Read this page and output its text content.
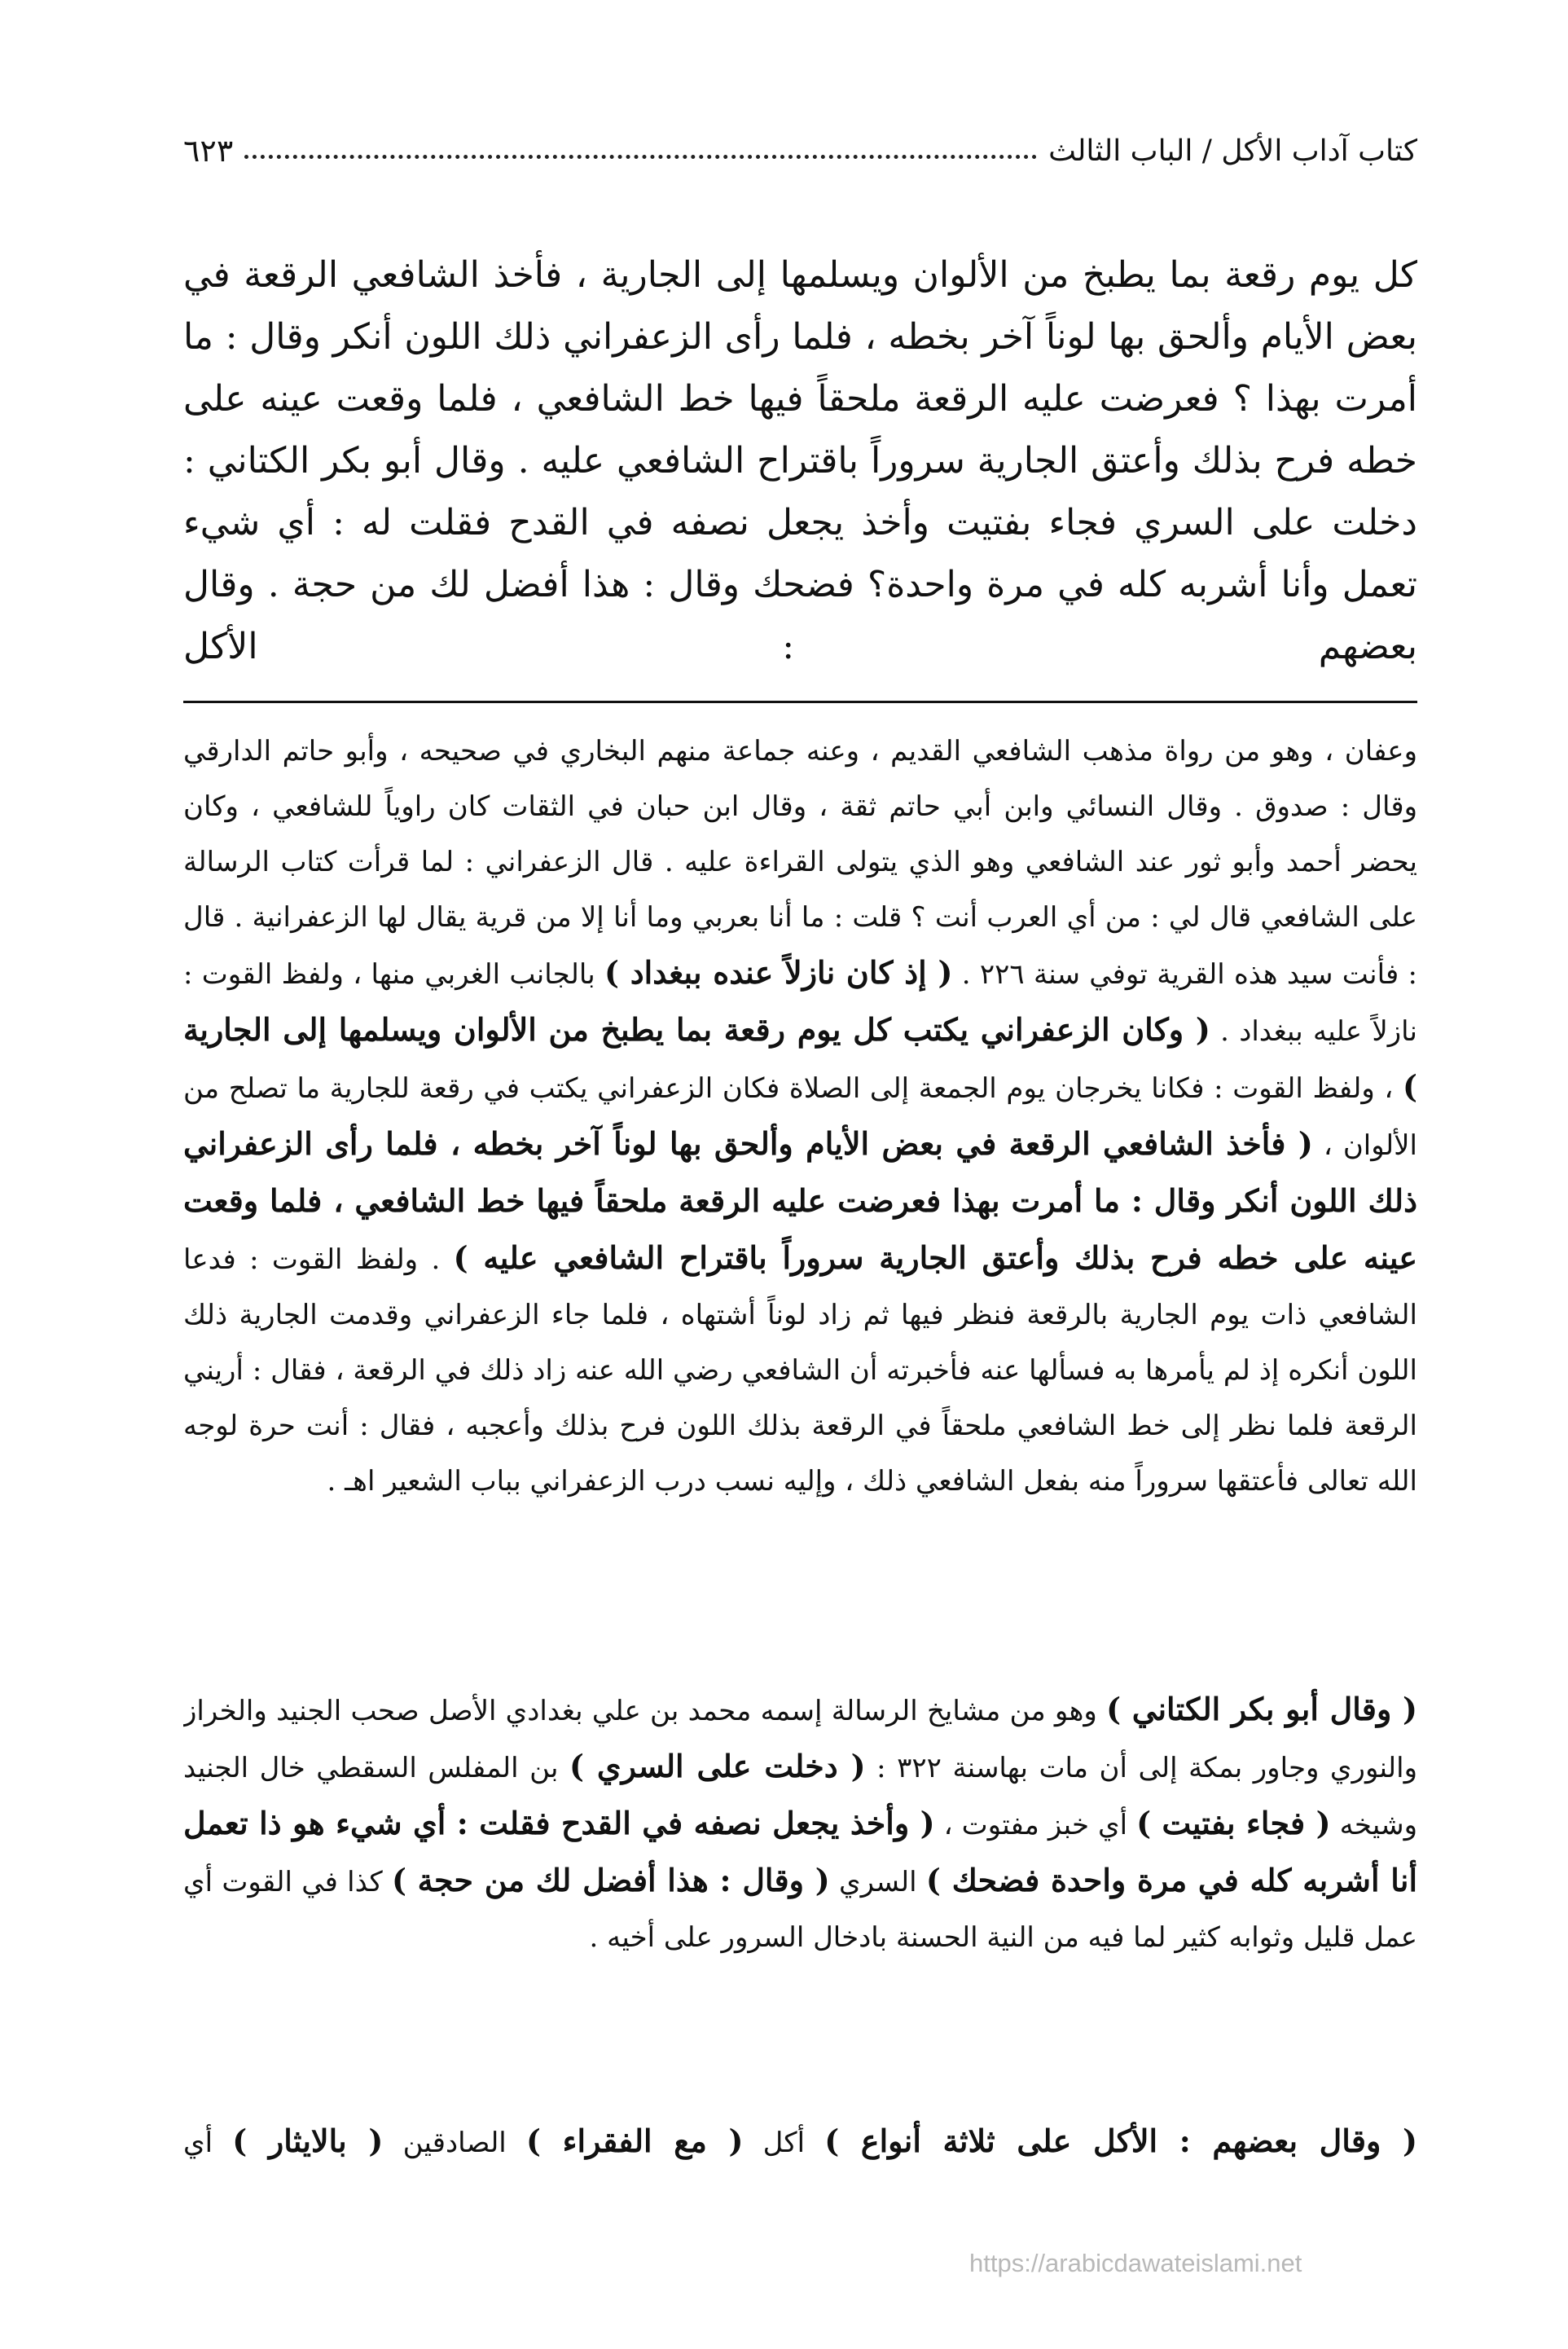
كتاب آداب الأكل / الباب الثالث
٦٢٣
كل يوم رقعة بما يطبخ من الألوان ويسلمها إلى الجارية ، فأخذ الشافعي الرقعة في بعض الأيام وألحق بها لوناً آخر بخطه ، فلما رأى الزعفراني ذلك اللون أنكر وقال : ما أمرت بهذا ؟ فعرضت عليه الرقعة ملحقاً فيها خط الشافعي ، فلما وقعت عينه على خطه فرح بذلك وأعتق الجارية سروراً باقتراح الشافعي عليه . وقال أبو بكر الكتاني : دخلت على السري فجاء بفتيت وأخذ يجعل نصفه في القدح فقلت له : أي شيء تعمل وأنا أشربه كله في مرة واحدة؟ فضحك وقال : هذا أفضل لك من حجة . وقال بعضهم : الأكل
وعفان ، وهو من رواة مذهب الشافعي القديم ، وعنه جماعة منهم البخاري في صحيحه ، وأبو حاتم الدارقي وقال : صدوق . وقال النسائي وابن أبي حاتم ثقة ، وقال ابن حبان في الثقات كان راوياً للشافعي ، وكان يحضر أحمد وأبو ثور عند الشافعي وهو الذي يتولى القراءة عليه . قال الزعفراني : لما قرأت كتاب الرسالة على الشافعي قال لي : من أي العرب أنت ؟ قلت : ما أنا بعربي وما أنا إلا من قرية يقال لها الزعفرانية . قال : فأنت سيد هذه القرية توفي سنة ٢٢٦ . ( إذ كان نازلاً عنده ببغداد ) بالجانب الغربي منها ، ولفظ القوت : نازلاً عليه ببغداد . ( وكان الزعفراني يكتب كل يوم رقعة بما يطبخ من الألوان ويسلمها إلى الجارية ) ، ولفظ القوت : فكانا يخرجان يوم الجمعة إلى الصلاة فكان الزعفراني يكتب في رقعة للجارية ما تصلح من الألوان ، ( فأخذ الشافعي الرقعة في بعض الأيام وألحق بها لوناً آخر بخطه ، فلما رأى الزعفراني ذلك اللون أنكر وقال : ما أمرت بهذا فعرضت عليه الرقعة ملحقاً فيها خط الشافعي ، فلما وقعت عينه على خطه فرح بذلك وأعتق الجارية سروراً باقتراح الشافعي عليه ) . ولفظ القوت : فدعا الشافعي ذات يوم الجارية بالرقعة فنظر فيها ثم زاد لوناً أشتهاه ، فلما جاء الزعفراني وقدمت الجارية ذلك اللون أنكره إذ لم يأمرها به فسألها عنه فأخبرته أن الشافعي رضي الله عنه زاد ذلك في الرقعة ، فقال : أريني الرقعة فلما نظر إلى خط الشافعي ملحقاً في الرقعة بذلك اللون فرح بذلك وأعجبه ، فقال : أنت حرة لوجه الله تعالى فأعتقها سروراً منه بفعل الشافعي ذلك ، وإليه نسب درب الزعفراني بباب الشعير اهـ .
( وقال أبو بكر الكتاني ) وهو من مشايخ الرسالة إسمه محمد بن علي بغدادي الأصل صحب الجنيد والخراز والنوري وجاور بمكة إلى أن مات بهاسنة ٣٢٢ : ( دخلت على السري ) بن المفلس السقطي خال الجنيد وشيخه ( فجاء بفتيت ) أي خبز مفتوت ، ( وأخذ يجعل نصفه في القدح فقلت : أي شيء هو ذا تعمل أنا أشربه كله في مرة واحدة فضحك ) السري ( وقال : هذا أفضل لك من حجة ) كذا في القوت أي عمل قليل وثوابه كثير لما فيه من النية الحسنة بادخال السرور على أخيه .
( وقال بعضهم : الأكل على ثلاثة أنواع ) أكل ( مع الفقراء ) الصادقين ( بالايثار ) أي
https://arabicdawateislami.net
